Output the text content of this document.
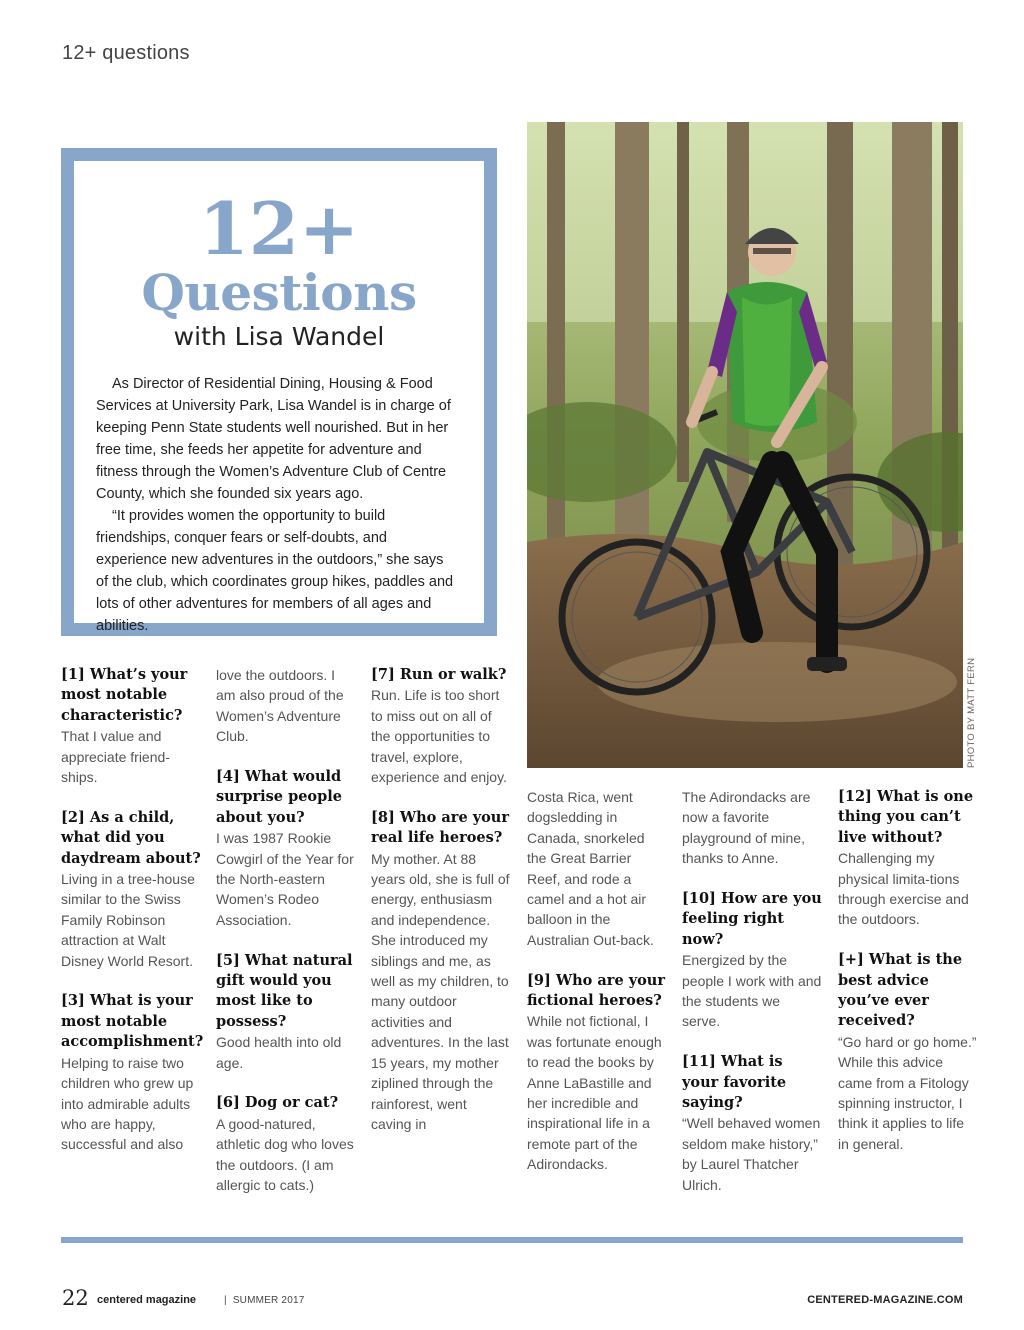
12+ questions
12+
Questions
with Lisa Wandel

As Director of Residential Dining, Housing & Food Services at University Park, Lisa Wandel is in charge of keeping Penn State students well nourished. But in her free time, she feeds her appetite for adventure and fitness through the Women’s Adventure Club of Centre County, which she founded six years ago.

“It provides women the opportunity to build friendships, conquer fears or self-doubts, and experience new adventures in the outdoors,” she says of the club, which coordinates group hikes, paddles and lots of other adventures for members of all ages and abilities.

PHOTO BY MATT FERN
[1] What’s your most notable characteristic?
That I value and appreciate friend-ships.
[2] As a child, what did you daydream about?
Living in a tree-house similar to the Swiss Family Robinson attraction at Walt Disney World Resort.
[3] What is your most notable accomplishment?
Helping to raise two children who grew up into admirable adults who are happy, successful and also
love the outdoors. I am also proud of the Women’s Adventure Club.
[4] What would surprise people about you?
I was 1987 Rookie Cowgirl of the Year for the North-eastern Women’s Rodeo Association.
[5] What natural gift would you most like to possess?
Good health into old age.
[6] Dog or cat?
A good-natured, athletic dog who loves the outdoors. (I am allergic to cats.)
[7] Run or walk?
Run. Life is too short to miss out on all of the opportunities to travel, explore, experience and enjoy.
[8] Who are your real life heroes?
My mother. At 88 years old, she is full of energy, enthusiasm and independence. She introduced my siblings and me, as well as my children, to many outdoor activities and adventures. In the last 15 years, my mother ziplined through the rainforest, went caving in
Costa Rica, went dogsledding in Canada, snorkeled the Great Barrier Reef, and rode a camel and a hot air balloon in the Australian Out-back.
[9] Who are your fictional heroes?
While not fictional, I was fortunate enough to read the books by Anne LaBastille and her incredible and inspirational life in a remote part of the Adirondacks.
The Adirondacks are now a favorite playground of mine, thanks to Anne.
[10] How are you feeling right now?
Energized by the people I work with and the students we serve.
[11] What is your favorite saying?
“Well behaved women seldom make history,” by Laurel Thatcher Ulrich.
[12] What is one thing you can’t live without?
Challenging my physical limita-tions through exercise and the outdoors.
[+] What is the best advice you’ve ever received?
“Go hard or go home.” While this advice came from a Fitology spinning instructor, I think it applies to life in general.
22 centered magazine	| SUMMER 2017	CENTERED-MAGAZINE.COM
